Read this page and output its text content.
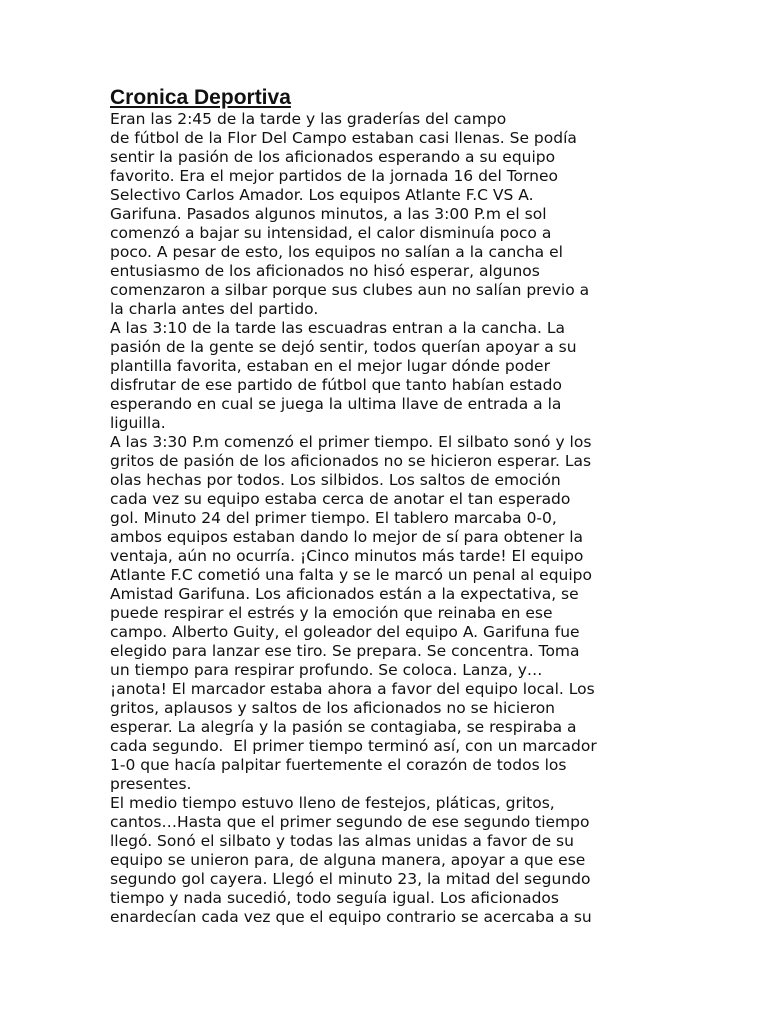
Cronica Deportiva
Eran las 2:45 de la tarde y las graderías del campo
de fútbol de la Flor Del Campo estaban casi llenas. Se podía
sentir la pasión de los aficionados esperando a su equipo
favorito. Era el mejor partidos de la jornada 16 del Torneo
Selectivo Carlos Amador. Los equipos Atlante F.C VS A.
Garifuna. Pasados algunos minutos, a las 3:00 P.m el sol
comenzó a bajar su intensidad, el calor disminuía poco a
poco. A pesar de esto, los equipos no salían a la cancha el
entusiasmo de los aficionados no hisó esperar, algunos
comenzaron a silbar porque sus clubes aun no salían previo a
la charla antes del partido.
A las 3:10 de la tarde las escuadras entran a la cancha. La
pasión de la gente se dejó sentir, todos querían apoyar a su
plantilla favorita, estaban en el mejor lugar dónde poder
disfrutar de ese partido de fútbol que tanto habían estado
esperando en cual se juega la ultima llave de entrada a la
liguilla.
A las 3:30 P.m comenzó el primer tiempo. El silbato sonó y los
gritos de pasión de los aficionados no se hicieron esperar. Las
olas hechas por todos. Los silbidos. Los saltos de emoción
cada vez su equipo estaba cerca de anotar el tan esperado
gol. Minuto 24 del primer tiempo. El tablero marcaba 0-0,
ambos equipos estaban dando lo mejor de sí para obtener la
ventaja, aún no ocurría. ¡Cinco minutos más tarde! El equipo
Atlante F.C cometió una falta y se le marcó un penal al equipo
Amistad Garifuna. Los aficionados están a la expectativa, se
puede respirar el estrés y la emoción que reinaba en ese
campo. Alberto Guity, el goleador del equipo A. Garifuna fue
elegido para lanzar ese tiro. Se prepara. Se concentra. Toma
un tiempo para respirar profundo. Se coloca. Lanza, y…
¡anota! El marcador estaba ahora a favor del equipo local. Los
gritos, aplausos y saltos de los aficionados no se hicieron
esperar. La alegría y la pasión se contagiaba, se respiraba a
cada segundo.  El primer tiempo terminó así, con un marcador
1-0 que hacía palpitar fuertemente el corazón de todos los
presentes.
El medio tiempo estuvo lleno de festejos, pláticas, gritos,
cantos…Hasta que el primer segundo de ese segundo tiempo
llegó. Sonó el silbato y todas las almas unidas a favor de su
equipo se unieron para, de alguna manera, apoyar a que ese
segundo gol cayera. Llegó el minuto 23, la mitad del segundo
tiempo y nada sucedió, todo seguía igual. Los aficionados
enardecían cada vez que el equipo contrario se acercaba a su
